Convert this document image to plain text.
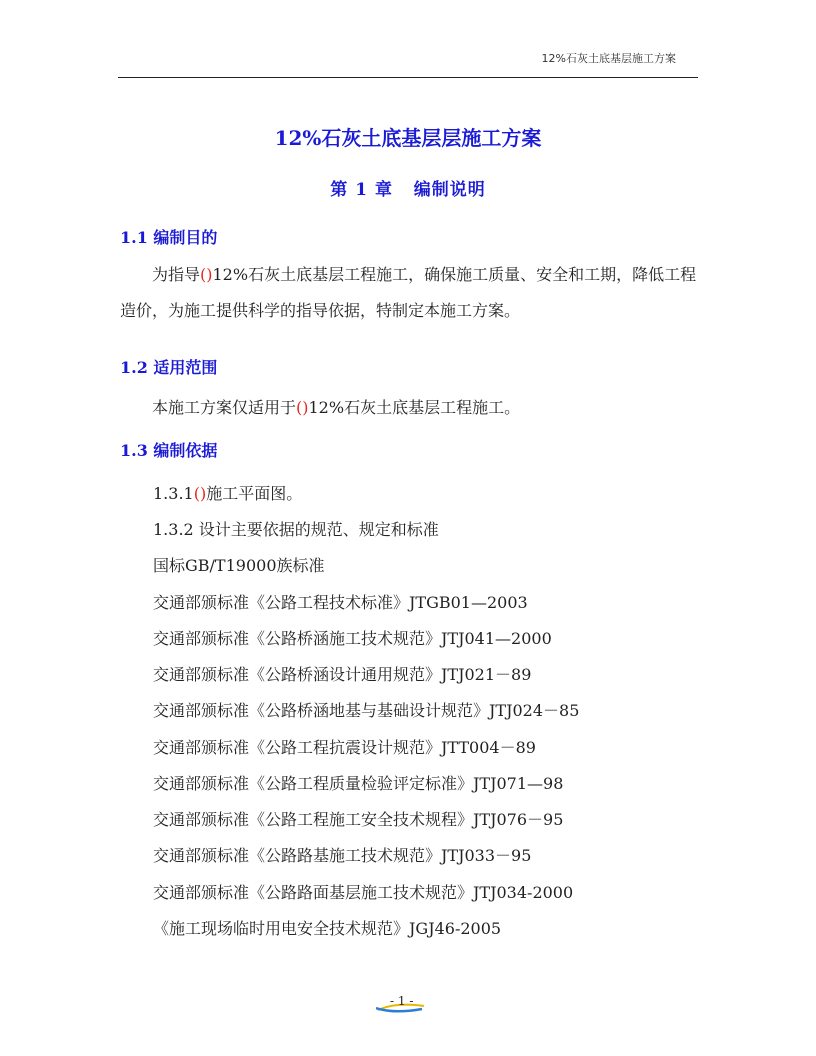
12%石灰土底基层施工方案
12%石灰土底基层层施工方案
第 1 章   编制说明
1.1 编制目的
为指导()12%石灰土底基层工程施工，确保施工质量、安全和工期，降低工程造价，为施工提供科学的指导依据，特制定本施工方案。
1.2 适用范围
本施工方案仅适用于()12%石灰土底基层工程施工。
1.3 编制依据
1.3.1()施工平面图。
1.3.2 设计主要依据的规范、规定和标准
国标GB/T19000族标准
交通部颁标准《公路工程技术标准》JTGB01—2003
交通部颁标准《公路桥涵施工技术规范》JTJ041—2000
交通部颁标准《公路桥涵设计通用规范》JTJ021－89
交通部颁标准《公路桥涵地基与基础设计规范》JTJ024－85
交通部颁标准《公路工程抗震设计规范》JTT004－89
交通部颁标准《公路工程质量检验评定标准》JTJ071—98
交通部颁标准《公路工程施工安全技术规程》JTJ076－95
交通部颁标准《公路路基施工技术规范》JTJ033－95
交通部颁标准《公路路面基层施工技术规范》JTJ034-2000
《施工现场临时用电安全技术规范》JGJ46-2005
- 1 -
